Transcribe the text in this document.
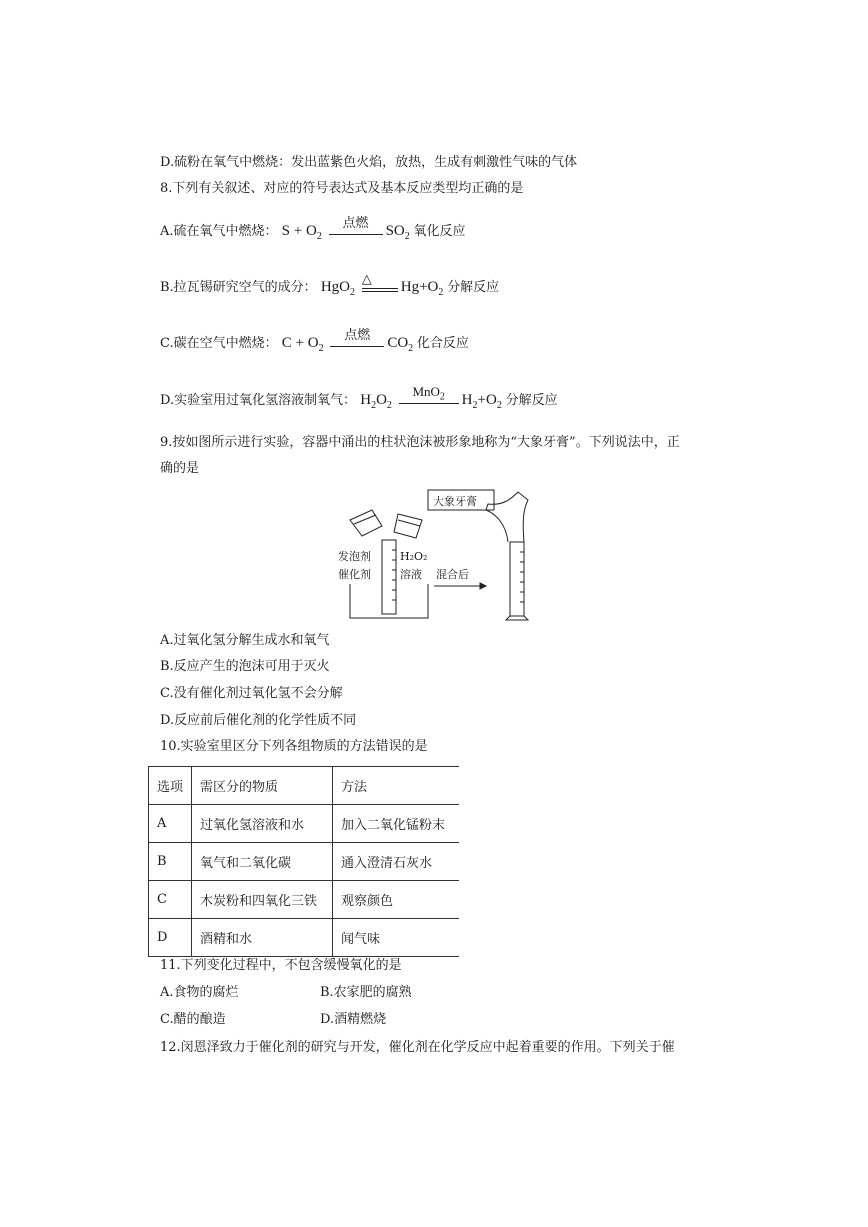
D.硫粉在氧气中燃烧：发出蓝紫色火焰，放热，生成有刺激性气味的气体
8.下列有关叙述、对应的符号表达式及基本反应类型均正确的是
A.硫在氧气中燃烧： $S + O_2$
点燃
$SO_2$ 氧化反应
B.拉瓦锡研究空气的成分： HgO$_2$
△
$Hg+O_2$ 分解反应
C.碳在空气中燃烧： $C + O_2$
点燃
$CO_2$ 化合反应
D.实验室用过氧化氢溶液制氧气： $H_2O_2$
MnO$_2$	$H_2+O_2$ 分解反应
9.按如图所示进行实验，容器中涌出的柱状泡沫被形象地称为“大象牙膏”。下列说法中，正
确的是
发泡剂
催化剂
H₂O₂
溶液 混合后
大象牙膏
A.过氧化氢分解生成水和氧气
B.反应产生的泡沫可用于灭火
C.没有催化剂过氧化氢不会分解
D.反应前后催化剂的化学性质不同
10.实验室里区分下列各组物质的方法错误的是
选项	需区分的物质	方法
A	过氧化氢溶液和水	加入二氧化锰粉末
B	氧气和二氧化碳	通入澄清石灰水
C	木炭粉和四氧化三铁	观察颜色
D	酒精和水	闻气味
11.下列变化过程中，不包含缓慢氧化的是
A.食物的腐烂	B.农家肥的腐熟
C.醋的酿造	D.酒精燃烧
12.闵恩泽致力于催化剂的研究与开发，催化剂在化学反应中起着重要的作用。下列关于催
